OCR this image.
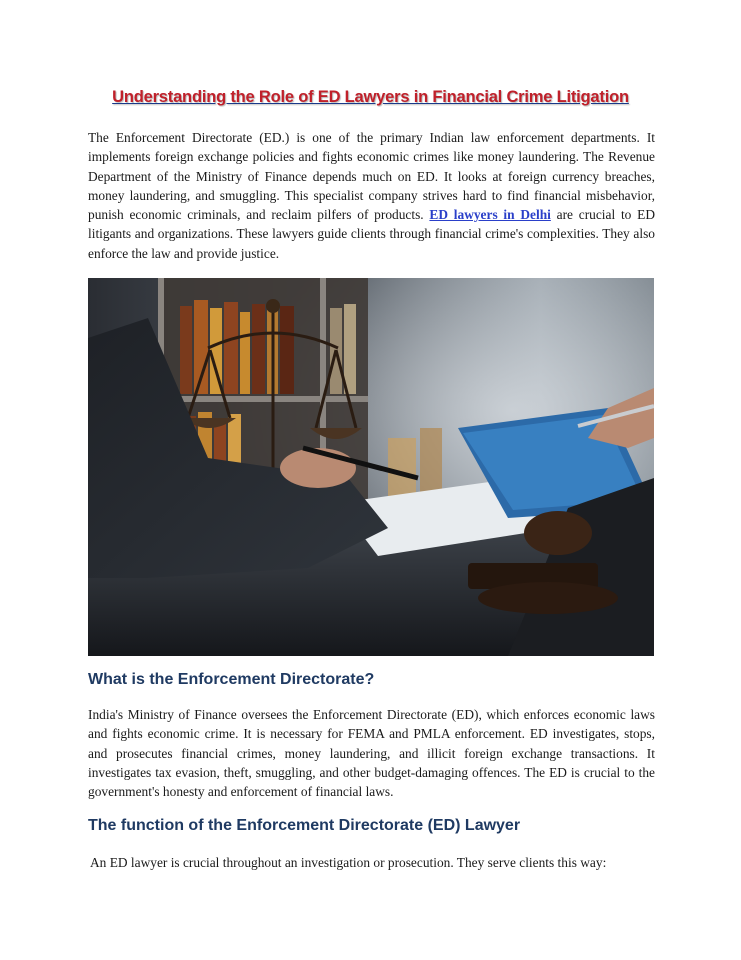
Understanding the Role of ED Lawyers in Financial Crime Litigation

The Enforcement Directorate (ED.) is one of the primary Indian law enforcement departments. It implements foreign exchange policies and fights economic crimes like money laundering. The Revenue Department of the Ministry of Finance depends much on ED. It looks at foreign currency breaches, money laundering, and smuggling. This specialist company strives hard to find financial misbehavior, punish economic criminals, and reclaim pilfers of products. ED lawyers in Delhi are crucial to ED litigants and organizations. These lawyers guide clients through financial crime's complexities. They also enforce the law and provide justice.

What is the Enforcement Directorate?

India's Ministry of Finance oversees the Enforcement Directorate (ED), which enforces economic laws and fights economic crime. It is necessary for FEMA and PMLA enforcement. ED investigates, stops, and prosecutes financial crimes, money laundering, and illicit foreign exchange transactions. It investigates tax evasion, theft, smuggling, and other budget-damaging offences. The ED is crucial to the government's honesty and enforcement of financial laws.

The function of the Enforcement Directorate (ED) Lawyer

An ED lawyer is crucial throughout an investigation or prosecution. They serve clients this way:
